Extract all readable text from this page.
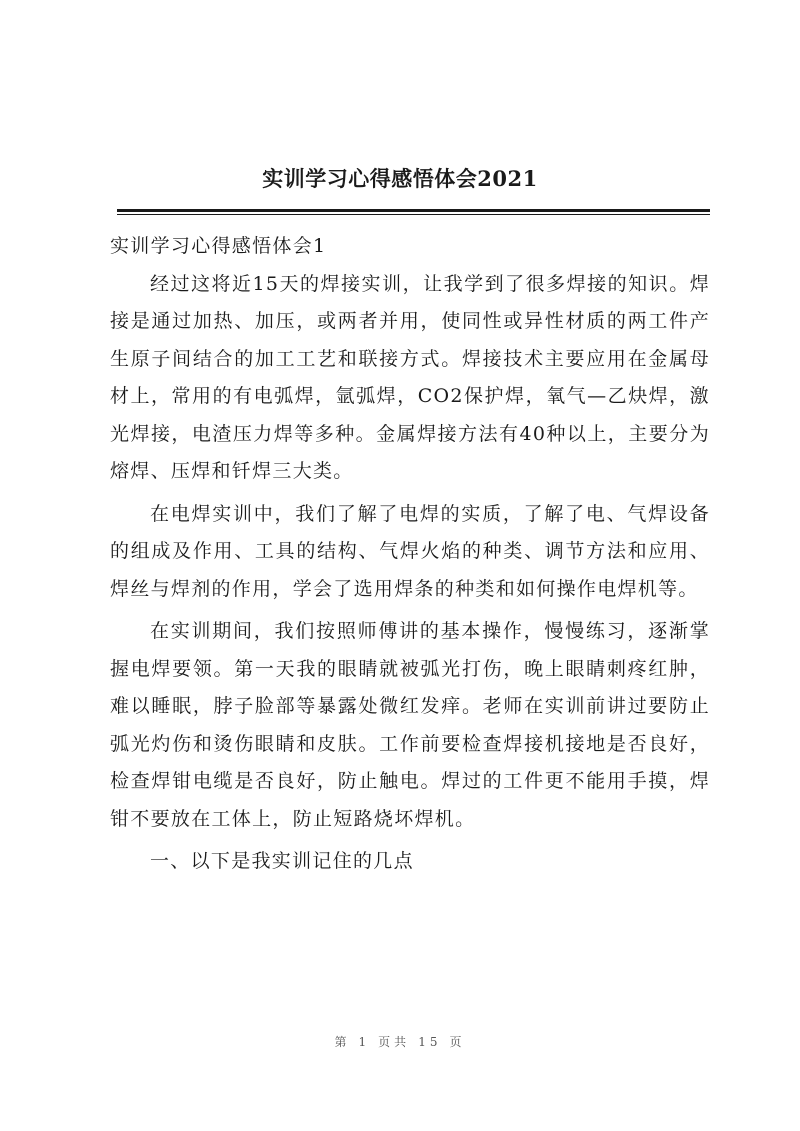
实训学习心得感悟体会2021

实训学习心得感悟体会1

经过这将近15天的焊接实训，让我学到了很多焊接的知识。焊接是通过加热、加压，或两者并用，使同性或异性材质的两工件产生原子间结合的加工工艺和联接方式。焊接技术主要应用在金属母材上，常用的有电弧焊，氩弧焊，CO2保护焊，氧气—乙炔焊，激光焊接，电渣压力焊等多种。金属焊接方法有40种以上，主要分为熔焊、压焊和钎焊三大类。

在电焊实训中，我们了解了电焊的实质，了解了电、气焊设备的组成及作用、工具的结构、气焊火焰的种类、调节方法和应用、焊丝与焊剂的作用，学会了选用焊条的种类和如何操作电焊机等。

在实训期间，我们按照师傅讲的基本操作，慢慢练习，逐渐掌握电焊要领。第一天我的眼睛就被弧光打伤，晚上眼睛刺疼红肿，难以睡眠，脖子脸部等暴露处微红发痒。老师在实训前讲过要防止弧光灼伤和烫伤眼睛和皮肤。工作前要检查焊接机接地是否良好，检查焊钳电缆是否良好，防止触电。焊过的工件更不能用手摸，焊钳不要放在工体上，防止短路烧坏焊机。

一、以下是我实训记住的几点

第 1 页共 15 页
